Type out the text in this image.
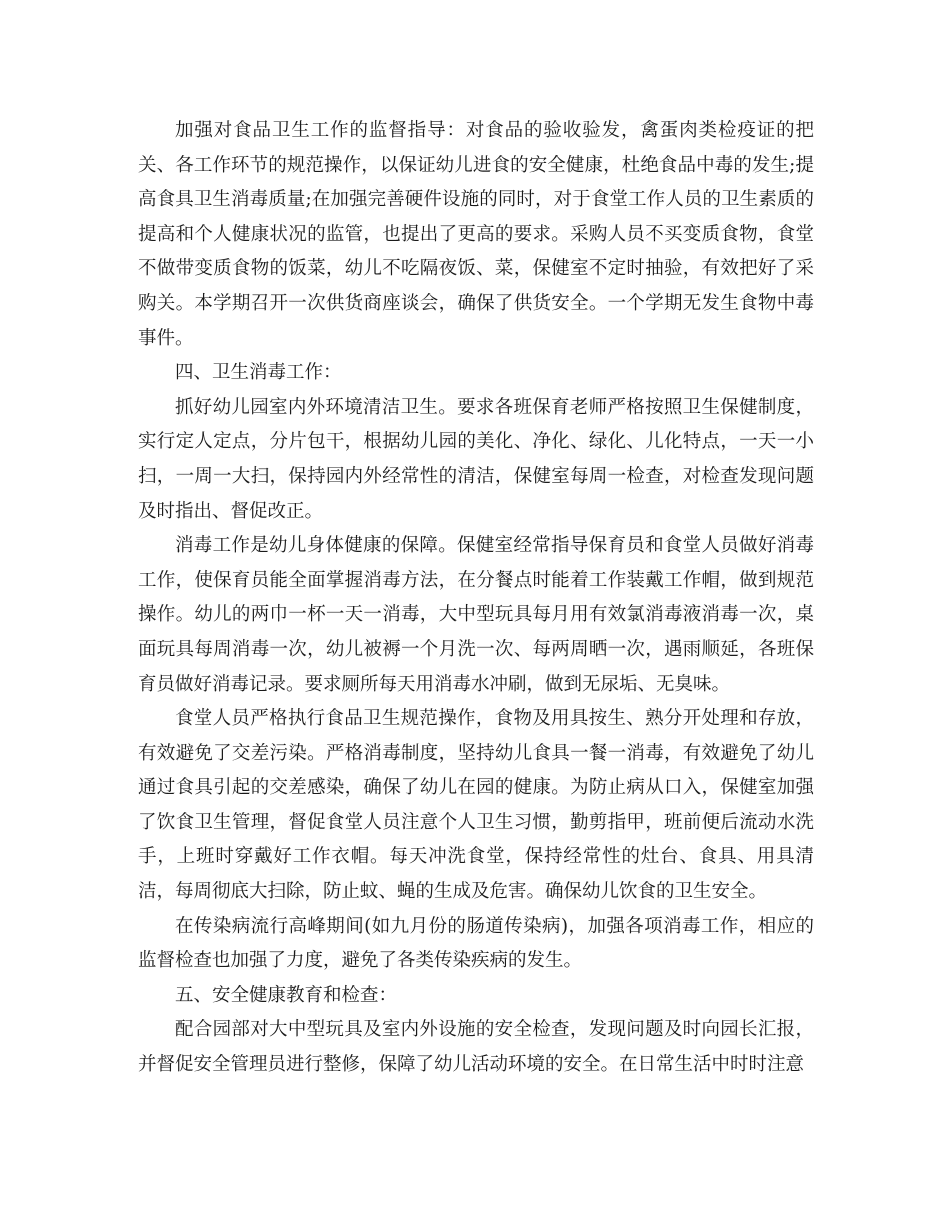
加强对食品卫生工作的监督指导：对食品的验收验发，禽蛋肉类检疫证的把关、各工作环节的规范操作，以保证幼儿进食的安全健康，杜绝食品中毒的发生;提高食具卫生消毒质量;在加强完善硬件设施的同时，对于食堂工作人员的卫生素质的提高和个人健康状况的监管，也提出了更高的要求。采购人员不买变质食物，食堂不做带变质食物的饭菜，幼儿不吃隔夜饭、菜，保健室不定时抽验，有效把好了采购关。本学期召开一次供货商座谈会，确保了供货安全。一个学期无发生食物中毒事件。

四、卫生消毒工作：

抓好幼儿园室内外环境清洁卫生。要求各班保育老师严格按照卫生保健制度，实行定人定点，分片包干，根据幼儿园的美化、净化、绿化、儿化特点，一天一小扫，一周一大扫，保持园内外经常性的清洁，保健室每周一检查，对检查发现问题及时指出、督促改正。

消毒工作是幼儿身体健康的保障。保健室经常指导保育员和食堂人员做好消毒工作，使保育员能全面掌握消毒方法，在分餐点时能着工作装戴工作帽，做到规范操作。幼儿的两巾一杯一天一消毒，大中型玩具每月用有效氯消毒液消毒一次，桌面玩具每周消毒一次，幼儿被褥一个月洗一次、每两周晒一次，遇雨顺延，各班保育员做好消毒记录。要求厕所每天用消毒水冲刷，做到无尿垢、无臭味。

食堂人员严格执行食品卫生规范操作，食物及用具按生、熟分开处理和存放，有效避免了交差污染。严格消毒制度，坚持幼儿食具一餐一消毒，有效避免了幼儿通过食具引起的交差感染，确保了幼儿在园的健康。为防止病从口入，保健室加强了饮食卫生管理，督促食堂人员注意个人卫生习惯，勤剪指甲，班前便后流动水洗手，上班时穿戴好工作衣帽。每天冲洗食堂，保持经常性的灶台、食具、用具清洁，每周彻底大扫除，防止蚊、蝇的生成及危害。确保幼儿饮食的卫生安全。

在传染病流行高峰期间(如九月份的肠道传染病)，加强各项消毒工作，相应的监督检查也加强了力度，避免了各类传染疾病的发生。

五、安全健康教育和检查：

配合园部对大中型玩具及室内外设施的安全检查，发现问题及时向园长汇报，并督促安全管理员进行整修，保障了幼儿活动环境的安全。在日常生活中时时注意
